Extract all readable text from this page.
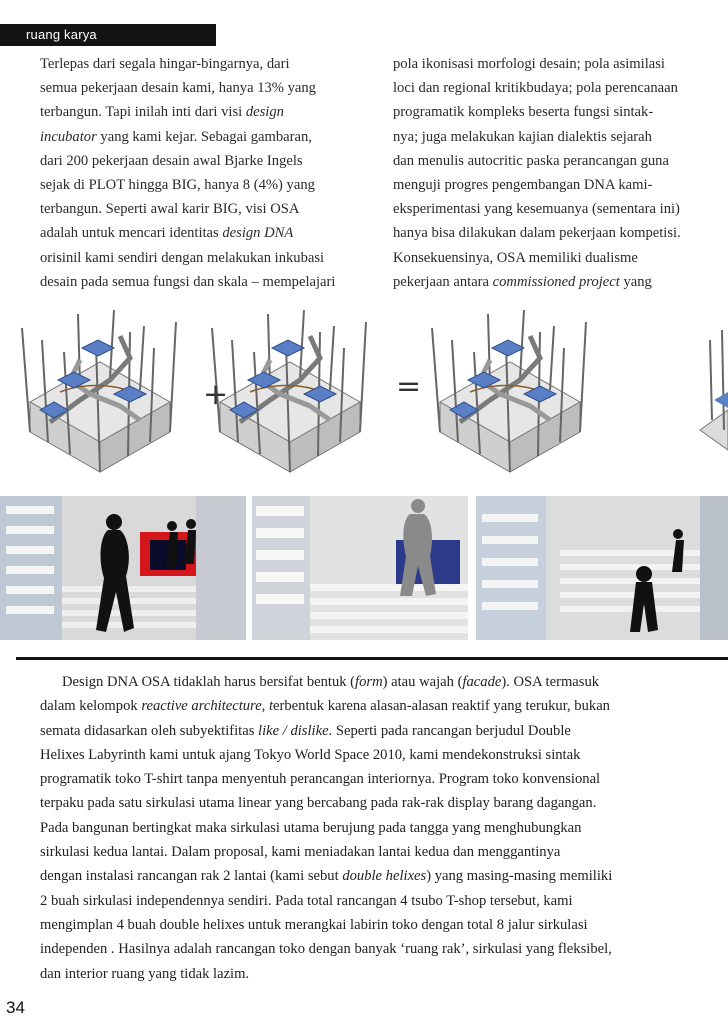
ruang karya
Terlepas dari segala hingar-bingarnya, dari
semua pekerjaan desain kami, hanya 13% yang
terbangun. Tapi inilah inti dari visi design
incubator yang kami kejar. Sebagai gambaran,
dari 200 pekerjaan desain awal Bjarke Ingels
sejak di PLOT hingga BIG, hanya 8 (4%) yang
terbangun. Seperti awal karir BIG, visi OSA
adalah untuk mencari identitas design DNA
orisinil kami sendiri dengan melakukan inkubasi
desain pada semua fungsi dan skala – mempelajari
pola ikonisasi morfologi desain; pola asimilasi
loci dan regional kritikbudaya; pola perencanaan
programatik kompleks beserta fungsi sintak-
nya; juga melakukan kajian dialektis sejarah
dan menulis autocritic paska perancangan guna
menguji progres pengembangan DNA kami-
eksperimentasi yang kesemuanya (sementara ini)
hanya bisa dilakukan dalam pekerjaan kompetisi.
Konsekuensinya, OSA memiliki dualisme
pekerjaan antara commissioned project yang
+	=
Design DNA OSA tidaklah harus bersifat bentuk (form) atau wajah (facade). OSA termasuk
dalam kelompok reactive architecture, terbentuk karena alasan-alasan reaktif yang terukur, bukan
semata didasarkan oleh subyektifitas like / dislike. Seperti pada rancangan berjudul Double
Helixes Labyrinth kami untuk ajang Tokyo World Space 2010, kami mendekonstruksi sintak
programatik toko T-shirt tanpa menyentuh perancangan interiornya. Program toko konvensional
terpaku pada satu sirkulasi utama linear yang bercabang pada rak-rak display barang dagangan.
Pada bangunan bertingkat maka sirkulasi utama berujung pada tangga yang menghubungkan
sirkulasi kedua lantai. Dalam proposal, kami meniadakan lantai kedua dan menggantinya
dengan instalasi rancangan rak 2 lantai (kami sebut double helixes) yang masing-masing memiliki
2 buah sirkulasi independennya sendiri. Pada total rancangan 4 tsubo T-shop tersebut, kami
mengimplan 4 buah double helixes untuk merangkai labirin toko dengan total 8 jalur sirkulasi
independen . Hasilnya adalah rancangan toko dengan banyak ‘ruang rak’, sirkulasi yang fleksibel,
dan interior ruang yang tidak lazim.
34
